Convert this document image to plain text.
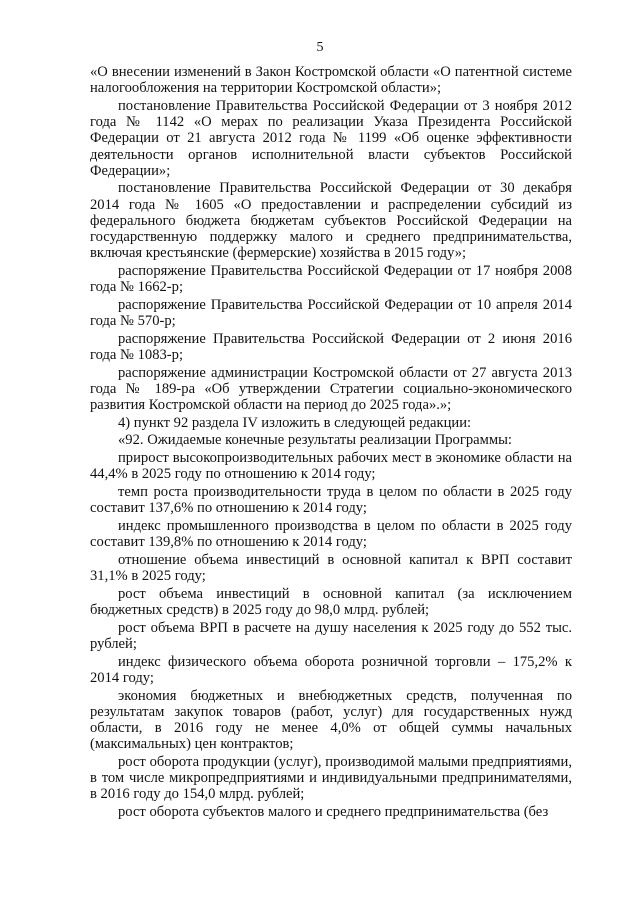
5

«О внесении изменений в Закон Костромской области «О патентной системе налогообложения на территории Костромской области»;

постановление Правительства Российской Федерации от 3 ноября 2012 года № 1142 «О мерах по реализации Указа Президента Российской Федерации от 21 августа 2012 года № 1199 «Об оценке эффективности деятельности органов исполнительной власти субъектов Российской Федерации»;

постановление Правительства Российской Федерации от 30 декабря 2014 года № 1605 «О предоставлении и распределении субсидий из федерального бюджета бюджетам субъектов Российской Федерации на государственную поддержку малого и среднего предпринимательства, включая крестьянские (фермерские) хозяйства в 2015 году»;

распоряжение Правительства Российской Федерации от 17 ноября 2008 года № 1662-р;

распоряжение Правительства Российской Федерации от 10 апреля 2014 года № 570-р;

распоряжение Правительства Российской Федерации от 2 июня 2016 года № 1083-р;

распоряжение администрации Костромской области от 27 августа 2013 года № 189-ра «Об утверждении Стратегии социально-экономического развития Костромской области на период до 2025 года».»;

4) пункт 92 раздела IV изложить в следующей редакции:

«92. Ожидаемые конечные результаты реализации Программы:

прирост высокопроизводительных рабочих мест в экономике области на 44,4% в 2025 году по отношению к 2014 году;

темп роста производительности труда в целом по области в 2025 году составит 137,6% по отношению к 2014 году;

индекс промышленного производства в целом по области в 2025 году составит 139,8% по отношению к 2014 году;

отношение объема инвестиций в основной капитал к ВРП составит 31,1% в 2025 году;

рост объема инвестиций в основной капитал (за исключением бюджетных средств) в 2025 году до 98,0 млрд. рублей;

рост объема ВРП в расчете на душу населения к 2025 году до 552 тыс. рублей;

индекс физического объема оборота розничной торговли – 175,2% к 2014 году;

экономия бюджетных и внебюджетных средств, полученная по результатам закупок товаров (работ, услуг) для государственных нужд области, в 2016 году не менее 4,0% от общей суммы начальных (максимальных) цен контрактов;

рост оборота продукции (услуг), производимой малыми предприятиями, в том числе микропредприятиями и индивидуальными предпринимателями, в 2016 году до 154,0 млрд. рублей;

рост оборота субъектов малого и среднего предпринимательства (без
